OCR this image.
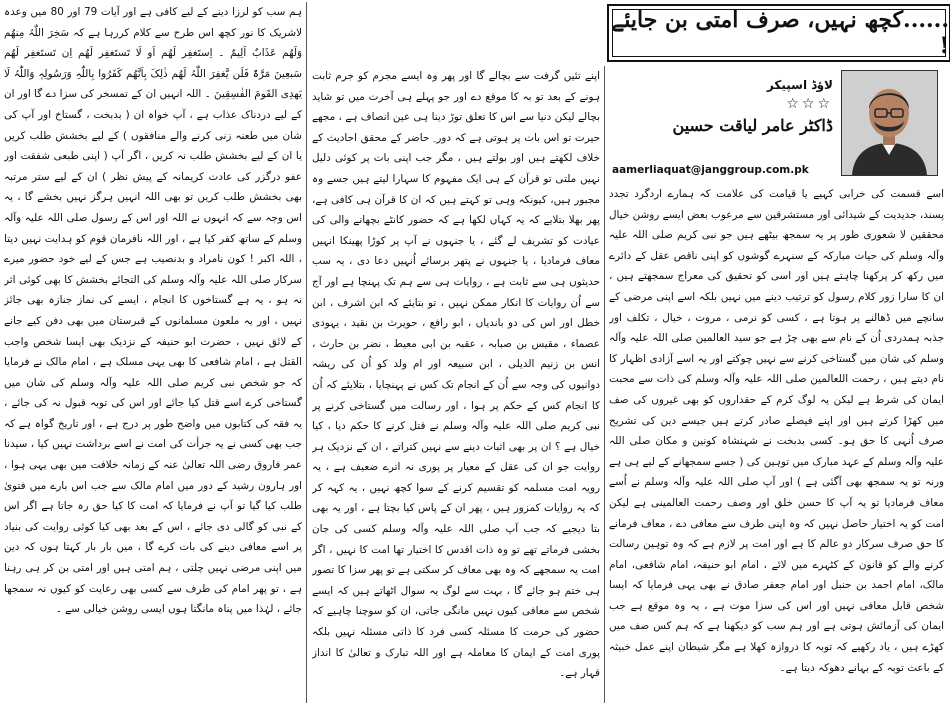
ہم سب کو لرزا دینے کے لیے کافی ہے اور آیات 79 اور 80 میں وعدہ لاشریک کا نور کچھ اس طرح سے کلام کررہا ہے کہ سَخِرَ اللّٰہُ مِنھُم وَلَھُم عَذَابٌ اَلِیمٌ ۔ اِستَغفِر لَھُم اَو لَا تَستَغفِر لَھُم اِن تَستَغفِر لَھُم سَبعِینَ مَرَّۃً فَلَن یَّغفِرَ اللّٰہُ لَھُم ذٰلِکَ بِاَنَّھُم کَفَرُوا بِاللّٰہِ وَرَسُولِہٖ وَاللّٰہُ لَا یَھدِی القَومَ الفٰسِقِینَ ۔ اللہ انہیں ان کے تمسخر کی سزا دے گا اور ان کے لیے دردناک عذاب ہے ، آپ خواہ ان ( بدبخت ، گستاخ اور آپ کی شان میں طعنہ زنی کرنے والے منافقوں ) کے لیے بخشش طلب کریں یا ان کے لیے بخشش طلب نہ کریں ، اگر آپ ( اپنی طبعی شفقت اور عفو درگزر کی عادت کریمانہ کے پیش نظر ) ان کے لیے ستر مرتبہ بھی بخشش طلب کریں تو بھی اللہ انہیں ہرگز نہیں بخشے گا ، یہ اس وجہ سے کہ انہوں نے اللہ اور اس کے رسول صلی اللہ علیہ وآلہ وسلم کے ساتھ کفر کیا ہے ، اور اللہ نافرمان قوم کو ہدایت نہیں دیتا ، اللہ اکبر ! کون نامراد و بدنصیب ہے جس کے لیے خود حضور میرے سرکار صلی اللہ علیہ وآلہ وسلم کی التجائے بخشش کا بھی کوئی اثر نہ ہو ، یہ ہے گستاخوں کا انجام ، ایسے کی نماز جنازہ بھی جائز نہیں ، اور یہ ملعون مسلمانوں کے قبرستان میں بھی دفن کیے جانے کے لائق نہیں ، حضرت ابو حنیفہ کے نزدیک بھی ایسا شخص واجب القتل ہے ، امام شافعی کا بھی یہی مسلک ہے ، امام مالک نے فرمایا کہ جو شخص نبی کریم صلی اللہ علیہ وآلہ وسلم کی شان میں گستاخی کرے اسے قتل کیا جائے اور اس کی توبہ قبول نہ کی جائے ، یہ فقہ کی کتابوں میں واضح طور پر درج ہے ، اور تاریخ گواہ ہے کہ جب بھی کسی نے یہ جرأت کی امت نے اسے برداشت نہیں کیا ، سیدنا عمر فاروق رضی اللہ تعالیٰ عنہ کے زمانہ خلافت میں بھی یہی ہوا ، اور ہارون رشید کے دور میں امام مالک سے جب اس بارے میں فتویٰ طلب کیا گیا تو آپ نے فرمایا کہ امت کا کیا حق رہ جاتا ہے اگر اس کے نبی کو گالی دی جائے ، اس کے بعد بھی کیا کوئی روایت کی بنیاد پر اسے معافی دینے کی بات کرے گا ، میں بار بار کہتا ہوں کہ دین میں اپنی مرضی نہیں چلتی ، ہم امتی ہیں اور امتی بن کر ہی رہنا ہے ، تو پھر امام کی طرف سے کسی بھی رعایت کو کیوں نہ سمجھا جائے ، لہٰذا میں پناہ مانگتا ہوں ایسی روشن خیالی سے ۔

اپنے تئیں گرفت سے بچالے گا اور پھر وہ ایسے مجرم کو جرم ثابت ہونے کے بعد تو بہ کا موقع دے اور جو پہلے ہی آخرت میں تو شاید بچالے لیکن دنیا سے اس کا تعلق توڑ دینا ہی عین انصاف ہے ، مجھے حیرت تو اس بات پر ہوتی ہے کہ دور ِ حاضر کے محقق احادیث کے خلاف لکھتے ہیں اور بولتے ہیں ، مگر جب اپنی بات پر کوئی دلیل نہیں ملتی تو قرآن کے ہی ایک مفہوم کا سہارا لیتے ہیں جسے وہ مجبور ہیں، کیونکہ وہی تو کہتے ہیں کہ ان کا قرآن ہی کافی ہے، پھر بھلا بتلایے کہ یہ کہاں لکھا ہے کہ حضور کانٹے بچھانے والی کی عیادت کو تشریف لے گئے ، یا جنہوں نے آپ پر کوڑا پھینکا انہیں معاف فرمادیا ، یا جنہوں نے پتھر برسائے اُنہیں دعا دی ، یہ سب حدیثوں ہی سے ثابت ہے ، روایات ہی سے ہم تک پہنچا ہے اور آج سے اُن روایات کا انکار ممکن نہیں ، تو بتایئے کہ ابن اشرف ، ابن خطل اور اس کی دو باندیاں ، ابو رافع ، حویرث بن نقید ، یہودی عصماء ، مقیس بن صبابہ ، عقبہ بن ابی معیط ، نضر بن حارث ، انس بن زنیم الدیلی ، ابن سبیعہ اور ام ولد کو اُن کی ریشہ دوانیوں کی وجہ سے اُن کے انجام تک کس نے پہنچایا ، بتلایئے کہ اُن کا انجام کس کے حکم پر ہوا ، اور رسالت میں گستاخی کرنے پر نبی کریم صلی اللہ علیہ وآلہ وسلم نے قتل کرنے کا حکم دیا ، کیا خیال ہے ؟ ان پر بھی اثبات دینے سے نہیں کتراتے ، ان کے نزدیک ہر روایت جو ان کی عقل کے معیار پر پوری نہ اترے ضعیف ہے ، یہ رویہ امت مسلمہ کو تقسیم کرنے کے سوا کچھ نہیں ، یہ کہہ کر کہ یہ روایات کمزور ہیں ، پھر ان کے پاس کیا بچتا ہے ، اور یہ بھی بتا دیجیے کہ جب آپ صلی اللہ علیہ وآلہ وسلم کسی کی جان بخشی فرماتے تھے تو وہ ذات اقدس کا اختیار تھا امت کا نہیں ، اگر امت یہ سمجھے کہ وہ بھی معاف کر سکتی ہے تو پھر سزا کا تصور ہی ختم ہو جائے گا ، بہت سے لوگ یہ سوال اٹھاتے ہیں کہ ایسے شخص سے معافی کیوں نہیں مانگی جاتی، ان کو سوچنا چاہیے کہ حضور کی حرمت کا مسئلہ کسی فرد کا ذاتی مسئلہ نہیں بلکہ پوری امت کے ایمان کا معاملہ ہے اور اللہ تبارک و تعالیٰ کا انداز قہار ہے۔

......کچھ نہیں، صرف امتی بن جایئے !
لاؤڈ اسپیکر
☆☆☆
ڈاکٹر عامر لیاقت حسین
aamerliaquat@janggroup.com.pk

اسے قسمت کی خرابی کہیے یا قیامت کی علامت کہ ہمارے اردگرد تجدد پسند، جدیدیت کے شیدائی اور مستشرقین سے مرعوب بعض ایسے روشن خیال محققین لا شعوری طور پر یہ سمجھ بیٹھے ہیں جو نبی کریم صلی اللہ علیہ وآلہ وسلم کی حیات مبارکہ کے سنہرے گوشوں کو اپنی ناقص عقل کے دائرے میں رکھ کر پرکھنا چاہتے ہیں اور اسی کو تحقیق کی معراج سمجھتے ہیں ، ان کا سارا زور کلام رسول کو ترتیب دینے میں نہیں بلکہ اسے اپنی مرضی کے سانچے میں ڈھالنے پر ہوتا ہے ، کسی کو نرمی ، مروت ، خیال ، تکلف اور جذبہ ہمدردی اُن کے نام سے بھی چڑ ہے جو سید العالمین صلی اللہ علیہ وآلہ وسلم کی شان میں گستاخی کرنے سے نہیں چوکتے اور یہ اسے آزادی اظہار کا نام دیتے ہیں ، رحمت اللعالمین صلی اللہ علیہ وآلہ وسلم کی ذات سے محبت ایمان کی شرط ہے لیکن یہ لوگ کرم کے حقداروں کو بھی غیروں کی صف میں کھڑا کرتے ہیں اور اپنے فیصلے صادر کرتے ہیں جیسے دین کی تشریح صرف اُنہی کا حق ہو۔ کسی بدبخت نے شہنشاہ کونین و مکان صلی اللہ علیہ وآلہ وسلم کے عہد مبارک میں توہین کی ( جسے سمجھانے کے لیے ہی ہے ورنہ تو یہ سمجھ بھی آگئی ہے ) اور آپ صلی اللہ علیہ وآلہ وسلم نے اُسے معاف فرمادیا تو یہ آپ کا حسن خلق اور وصف رحمت العالمینی ہے لیکن امت کو یہ اختیار حاصل نہیں کہ وہ اپنی طرف سے معافی دے ، معاف فرمانے کا حق صرف سرکار دو عالم کا ہے اور امت پر لازم ہے کہ وہ توہین رسالت کرنے والے کو قانون کے کٹہرے میں لائے ، امام ابو حنیفہ، امام شافعی، امام مالک، امام احمد بن حنبل اور امام جعفر صادق نے بھی یہی فرمایا کہ ایسا شخص قابل معافی نہیں اور اس کی سزا موت ہے ، یہ وہ موقع ہے جب ایمان کی آزمائش ہوتی ہے اور ہم سب کو دیکھنا ہے کہ ہم کس صف میں کھڑے ہیں ، یاد رکھیے کہ توبہ کا دروازہ کھلا ہے مگر شیطان اپنے عمل خبیثہ کے باعث توبہ کے بہانے دھوکہ دیتا ہے۔
